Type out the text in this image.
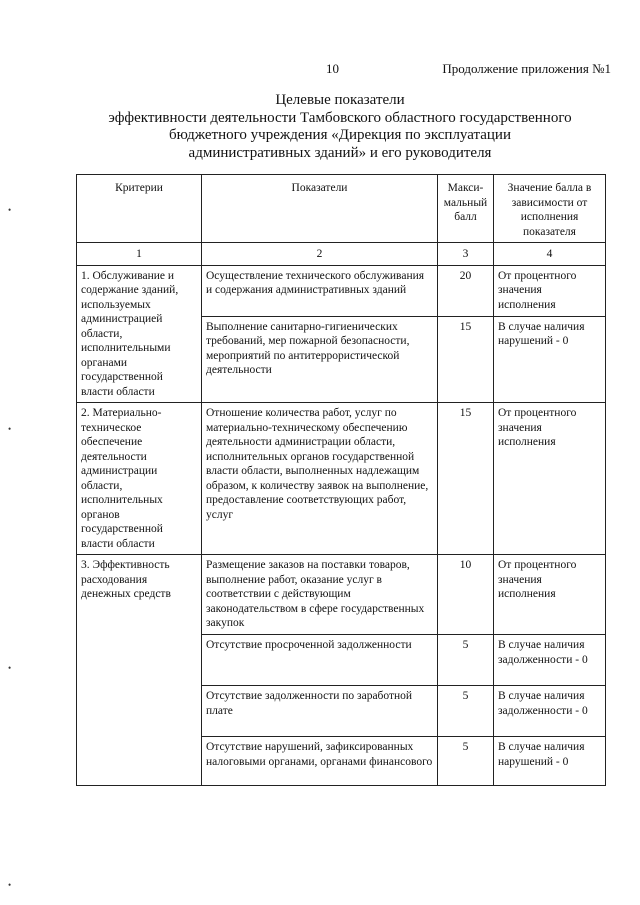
10	Продолжение приложения №1
Целевые показатели
эффективности деятельности Тамбовского областного государственного
бюджетного учреждения «Дирекция по эксплуатации
административных зданий» и его руководителя
•
•
•
•
Критерии	Показатели	Макси-мальный балл	Значение балла в зависимости от исполнения показателя
1	2	3	4
1. Обслуживание и содержание зданий, используемых администрацией области, исполнительными органами государственной власти области	Осуществление технического обслуживания и содержания административных зданий	20	От процентного значения исполнения
	Выполнение санитарно-гигиенических требований, мер пожарной безопасности, мероприятий по антитеррористической деятельности	15	В случае наличия нарушений - 0
2. Материально-техническое обеспечение деятельности администрации области, исполнительных органов государственной власти области	Отношение количества работ, услуг по материально-техническому обеспечению деятельности администрации области, исполнительных органов государственной власти области, выполненных надлежащим образом, к количеству заявок на выполнение, предоставление соответствующих работ, услуг	15	От процентного значения исполнения
3. Эффективность расходования денежных средств	Размещение заказов на поставки товаров, выполнение работ, оказание услуг в соответствии с действующим законодательством в сфере государственных закупок	10	От процентного значения исполнения
	Отсутствие просроченной задолженности	5	В случае наличия задолженности - 0
	Отсутствие задолженности по заработной плате	5	В случае наличия задолженности - 0
	Отсутствие нарушений, зафиксированных налоговыми органами, органами финансового	5	В случае наличия нарушений - 0
